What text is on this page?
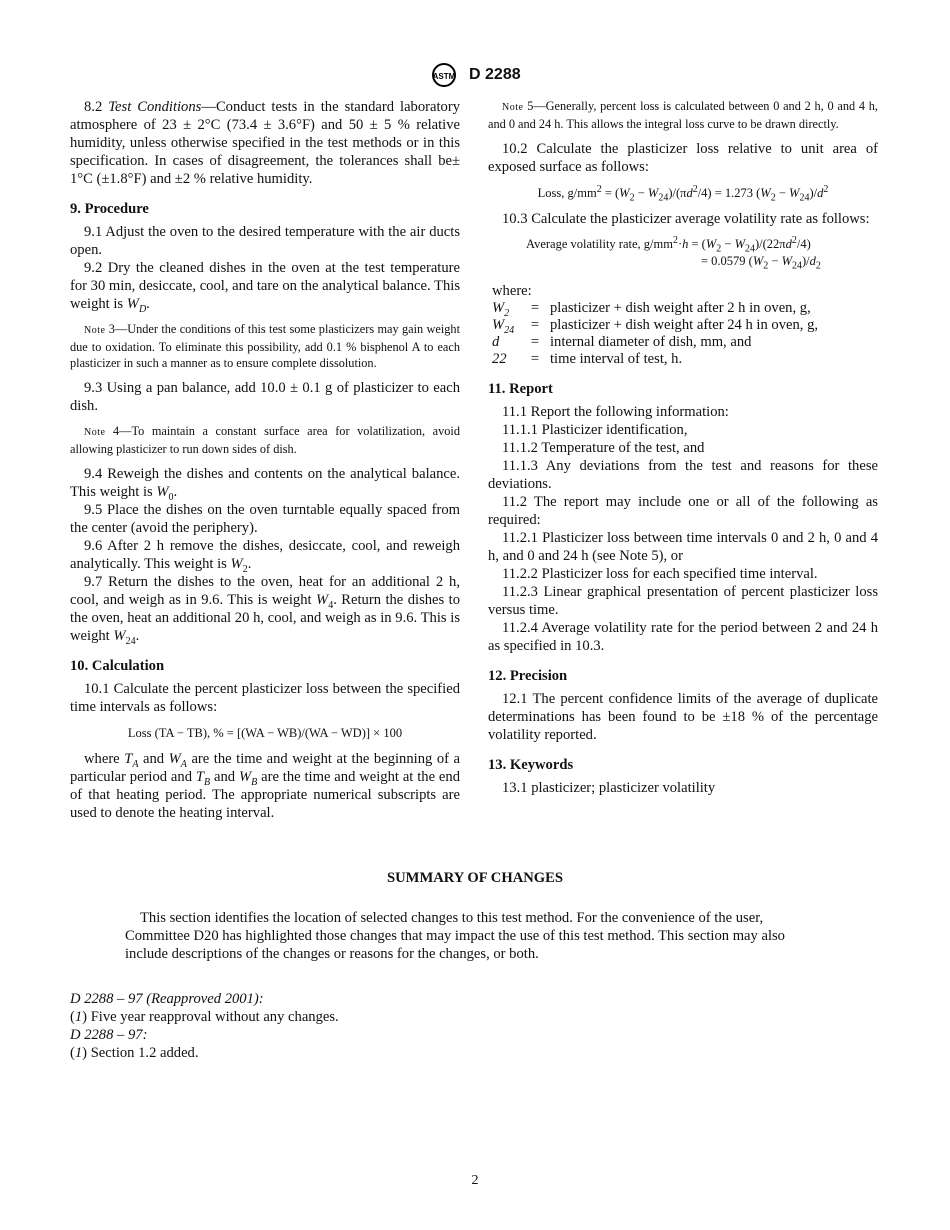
ASTM D 2288

8.2 Test Conditions—Conduct tests in the standard laboratory atmosphere of 23 ± 2°C (73.4 ± 3.6°F) and 50 ± 5 % relative humidity, unless otherwise specified in the test methods or in this specification. In cases of disagreement, the tolerances shall be± 1°C (±1.8°F) and ±2 % relative humidity.

9. Procedure

9.1 Adjust the oven to the desired temperature with the air ducts open.

9.2 Dry the cleaned dishes in the oven at the test temperature for 30 min, desiccate, cool, and tare on the analytical balance. This weight is $W_D$.

Note 3—Under the conditions of this test some plasticizers may gain weight due to oxidation. To eliminate this possibility, add 0.1 % bisphenol A to each plasticizer in such a manner as to ensure complete dissolution.

9.3 Using a pan balance, add 10.0 ± 0.1 g of plasticizer to each dish.

Note 4—To maintain a constant surface area for volatilization, avoid allowing plasticizer to run down sides of dish.

9.4 Reweigh the dishes and contents on the analytical balance. This weight is $W_0$.

9.5 Place the dishes on the oven turntable equally spaced from the center (avoid the periphery).

9.6 After 2 h remove the dishes, desiccate, cool, and reweigh analytically. This weight is $W_2$.

9.7 Return the dishes to the oven, heat for an additional 2 h, cool, and weigh as in 9.6. This is weight $W_4$. Return the dishes to the oven, heat an additional 20 h, cool, and weigh as in 9.6. This is weight $W_{24}$.

10. Calculation

10.1 Calculate the percent plasticizer loss between the specified time intervals as follows:

Loss (TA − TB), % = [(WA − WB)/(WA − WD)] × 100

where $T_A$ and $W_A$ are the time and weight at the beginning of a particular period and $T_B$ and $W_B$ are the time and weight at the end of that heating period. The appropriate numerical subscripts are used to denote the heating interval.

Note 5—Generally, percent loss is calculated between 0 and 2 h, 0 and 4 h, and 0 and 24 h. This allows the integral loss curve to be drawn directly.

10.2 Calculate the plasticizer loss relative to unit area of exposed surface as follows:

Loss, $g/mm^2 = (W_2 - W_{24})/(\pi d^2/4) = 1.273$ $(W_2 - W_{24})/d^2$

10.3 Calculate the plasticizer average volatility rate as follows:

Average volatility rate, $g/mm^2\cdot h = (W_2 - W_{24})/(22\pi d^2/4)$
= 0.0579 $(W_2 - W_{24})/d_2$

where:

$W_2$	=	plasticizer + dish weight after 2 h in oven, g,
$W_{24}$	=	plasticizer + dish weight after 24 h in oven, g,
d	=	internal diameter of dish, mm, and
22	=	time interval of test, h.

11. Report

11.1 Report the following information:

11.1.1 Plasticizer identification,

11.1.2 Temperature of the test, and

11.1.3 Any deviations from the test and reasons for these deviations.

11.2 The report may include one or all of the following as required:

11.2.1 Plasticizer loss between time intervals 0 and 2 h, 0 and 4 h, and 0 and 24 h (see Note 5), or

11.2.2 Plasticizer loss for each specified time interval.

11.2.3 Linear graphical presentation of percent plasticizer loss versus time.

11.2.4 Average volatility rate for the period between 2 and 24 h as specified in 10.3.

12. Precision

12.1 The percent confidence limits of the average of duplicate determinations has been found to be ±18 % of the percentage volatility reported.

13. Keywords

13.1 plasticizer; plasticizer volatility

SUMMARY OF CHANGES

This section identifies the location of selected changes to this test method. For the convenience of the user, Committee D20 has highlighted those changes that may impact the use of this test method. This section may also include descriptions of the changes or reasons for the changes, or both.

D 2288 – 97 (Reapproved 2001):

(1) Five year reapproval without any changes.

D 2288 – 97:

(1) Section 1.2 added.

2
